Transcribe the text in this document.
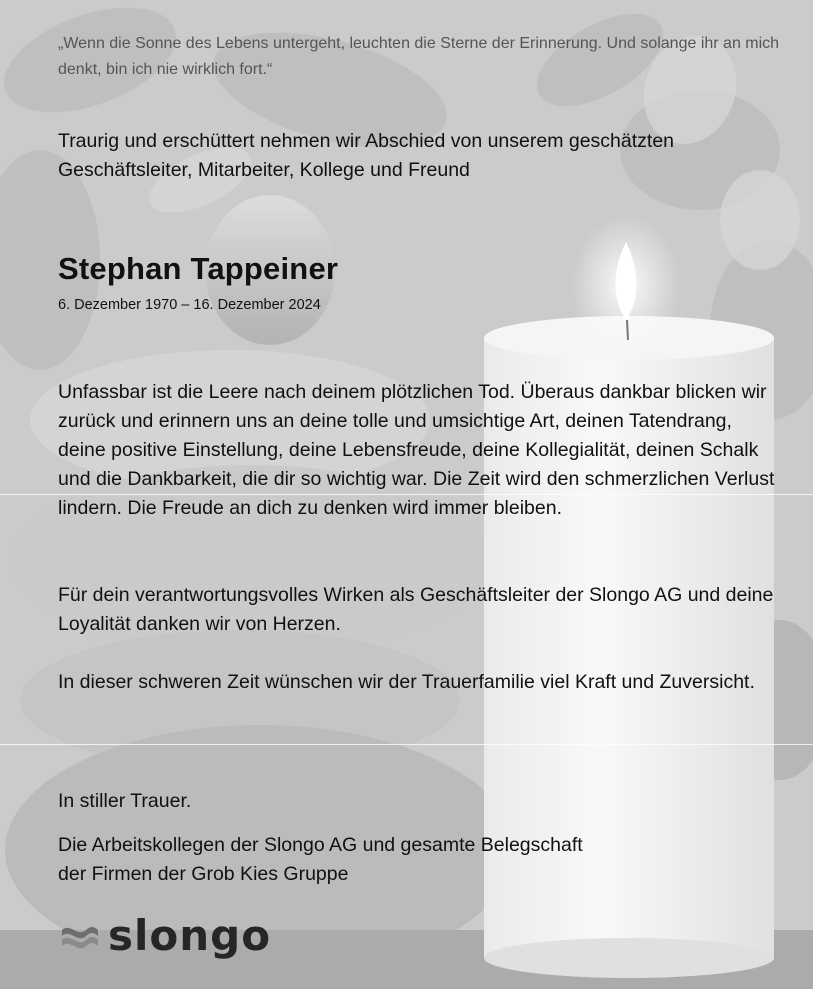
„Wenn die Sonne des Lebens untergeht, leuchten die Sterne der Erinnerung. Und solange ihr an mich denkt, bin ich nie wirklich fort.“
Traurig und erschüttert nehmen wir Abschied von unserem geschätzten Geschäftsleiter, Mitarbeiter, Kollege und Freund
Stephan Tappeiner
6. Dezember 1970 – 16. Dezember 2024
Unfassbar ist die Leere nach deinem plötzlichen Tod. Überaus dankbar blicken wir zurück und erinnern uns an deine tolle und umsichtige Art, deinen Tatendrang, deine positive Einstellung, deine Lebensfreude, deine Kollegialität, deinen Schalk und die Dankbarkeit, die dir so wichtig war. Die Zeit wird den schmerzlichen Verlust lindern. Die Freude an dich zu denken wird immer bleiben.
Für dein verantwortungsvolles Wirken als Geschäftsleiter der Slongo AG und deine Loyalität danken wir von Herzen.
In dieser schweren Zeit wünschen wir der Trauerfamilie viel Kraft und Zuversicht.
In stiller Trauer.
Die Arbeitskollegen der Slongo AG und gesamte Belegschaft
der Firmen der Grob Kies Gruppe
slongo
